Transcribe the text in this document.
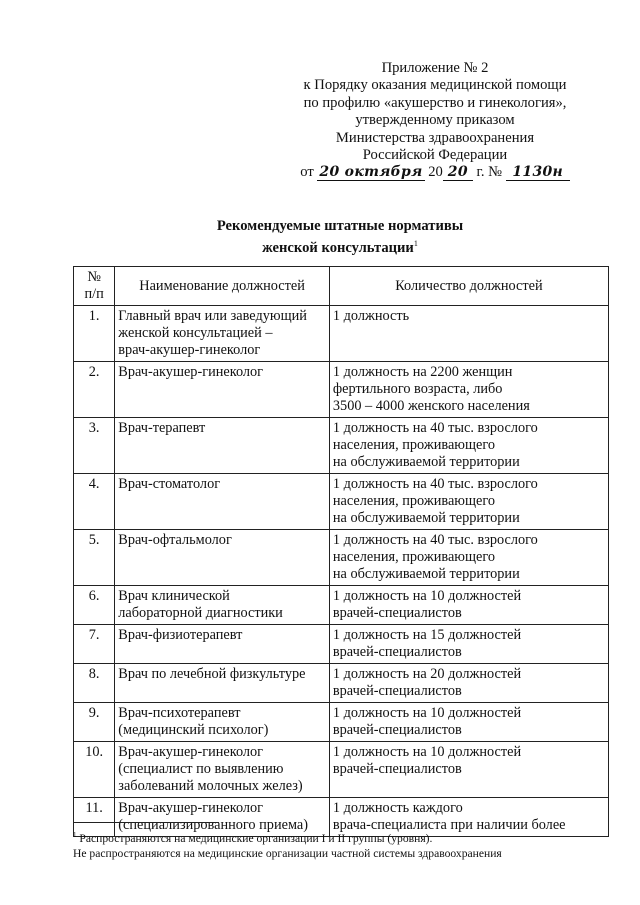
Приложение № 2
к Порядку оказания медицинской помощи
по профилю «акушерство и гинекология»,
утвержденному приказом
Министерства здравоохранения
Российской Федерации
от 20 октября 20 20 г. № 1130н
Рекомендуемые штатные нормативы
женской консультации$^1$
№
п/п	Наименование должностей	Количество должностей
1.	Главный врач или заведующий
женской консультацией –
врач-акушер-гинеколог	1 должность
2.	Врач-акушер-гинеколог	1 должность на 2200 женщин
фертильного возраста, либо
3500 – 4000 женского населения
3.	Врач-терапевт	1 должность на 40 тыс. взрослого
населения, проживающего
на обслуживаемой территории
4.	Врач-стоматолог	1 должность на 40 тыс. взрослого
населения, проживающего
на обслуживаемой территории
5.	Врач-офтальмолог	1 должность на 40 тыс. взрослого
населения, проживающего
на обслуживаемой территории
6.	Врач клинической
лабораторной диагностики	1 должность на 10 должностей
врачей-специалистов
7.	Врач-физиотерапевт	1 должность на 15 должностей
врачей-специалистов
8.	Врач по лечебной физкультуре	1 должность на 20 должностей
врачей-специалистов
9.	Врач-психотерапевт
(медицинский психолог)	1 должность на 10 должностей
врачей-специалистов
10.	Врач-акушер-гинеколог
(специалист по выявлению
заболеваний молочных желез)	1 должность на 10 должностей
врачей-специалистов
11.	Врач-акушер-гинеколог
(специализированного приема)	1 должность каждого
врача-специалиста при наличии более
$^1$ Распространяются на медицинские организации I и II группы (уровня).
Не распространяются на медицинские организации частной системы здравоохранения
